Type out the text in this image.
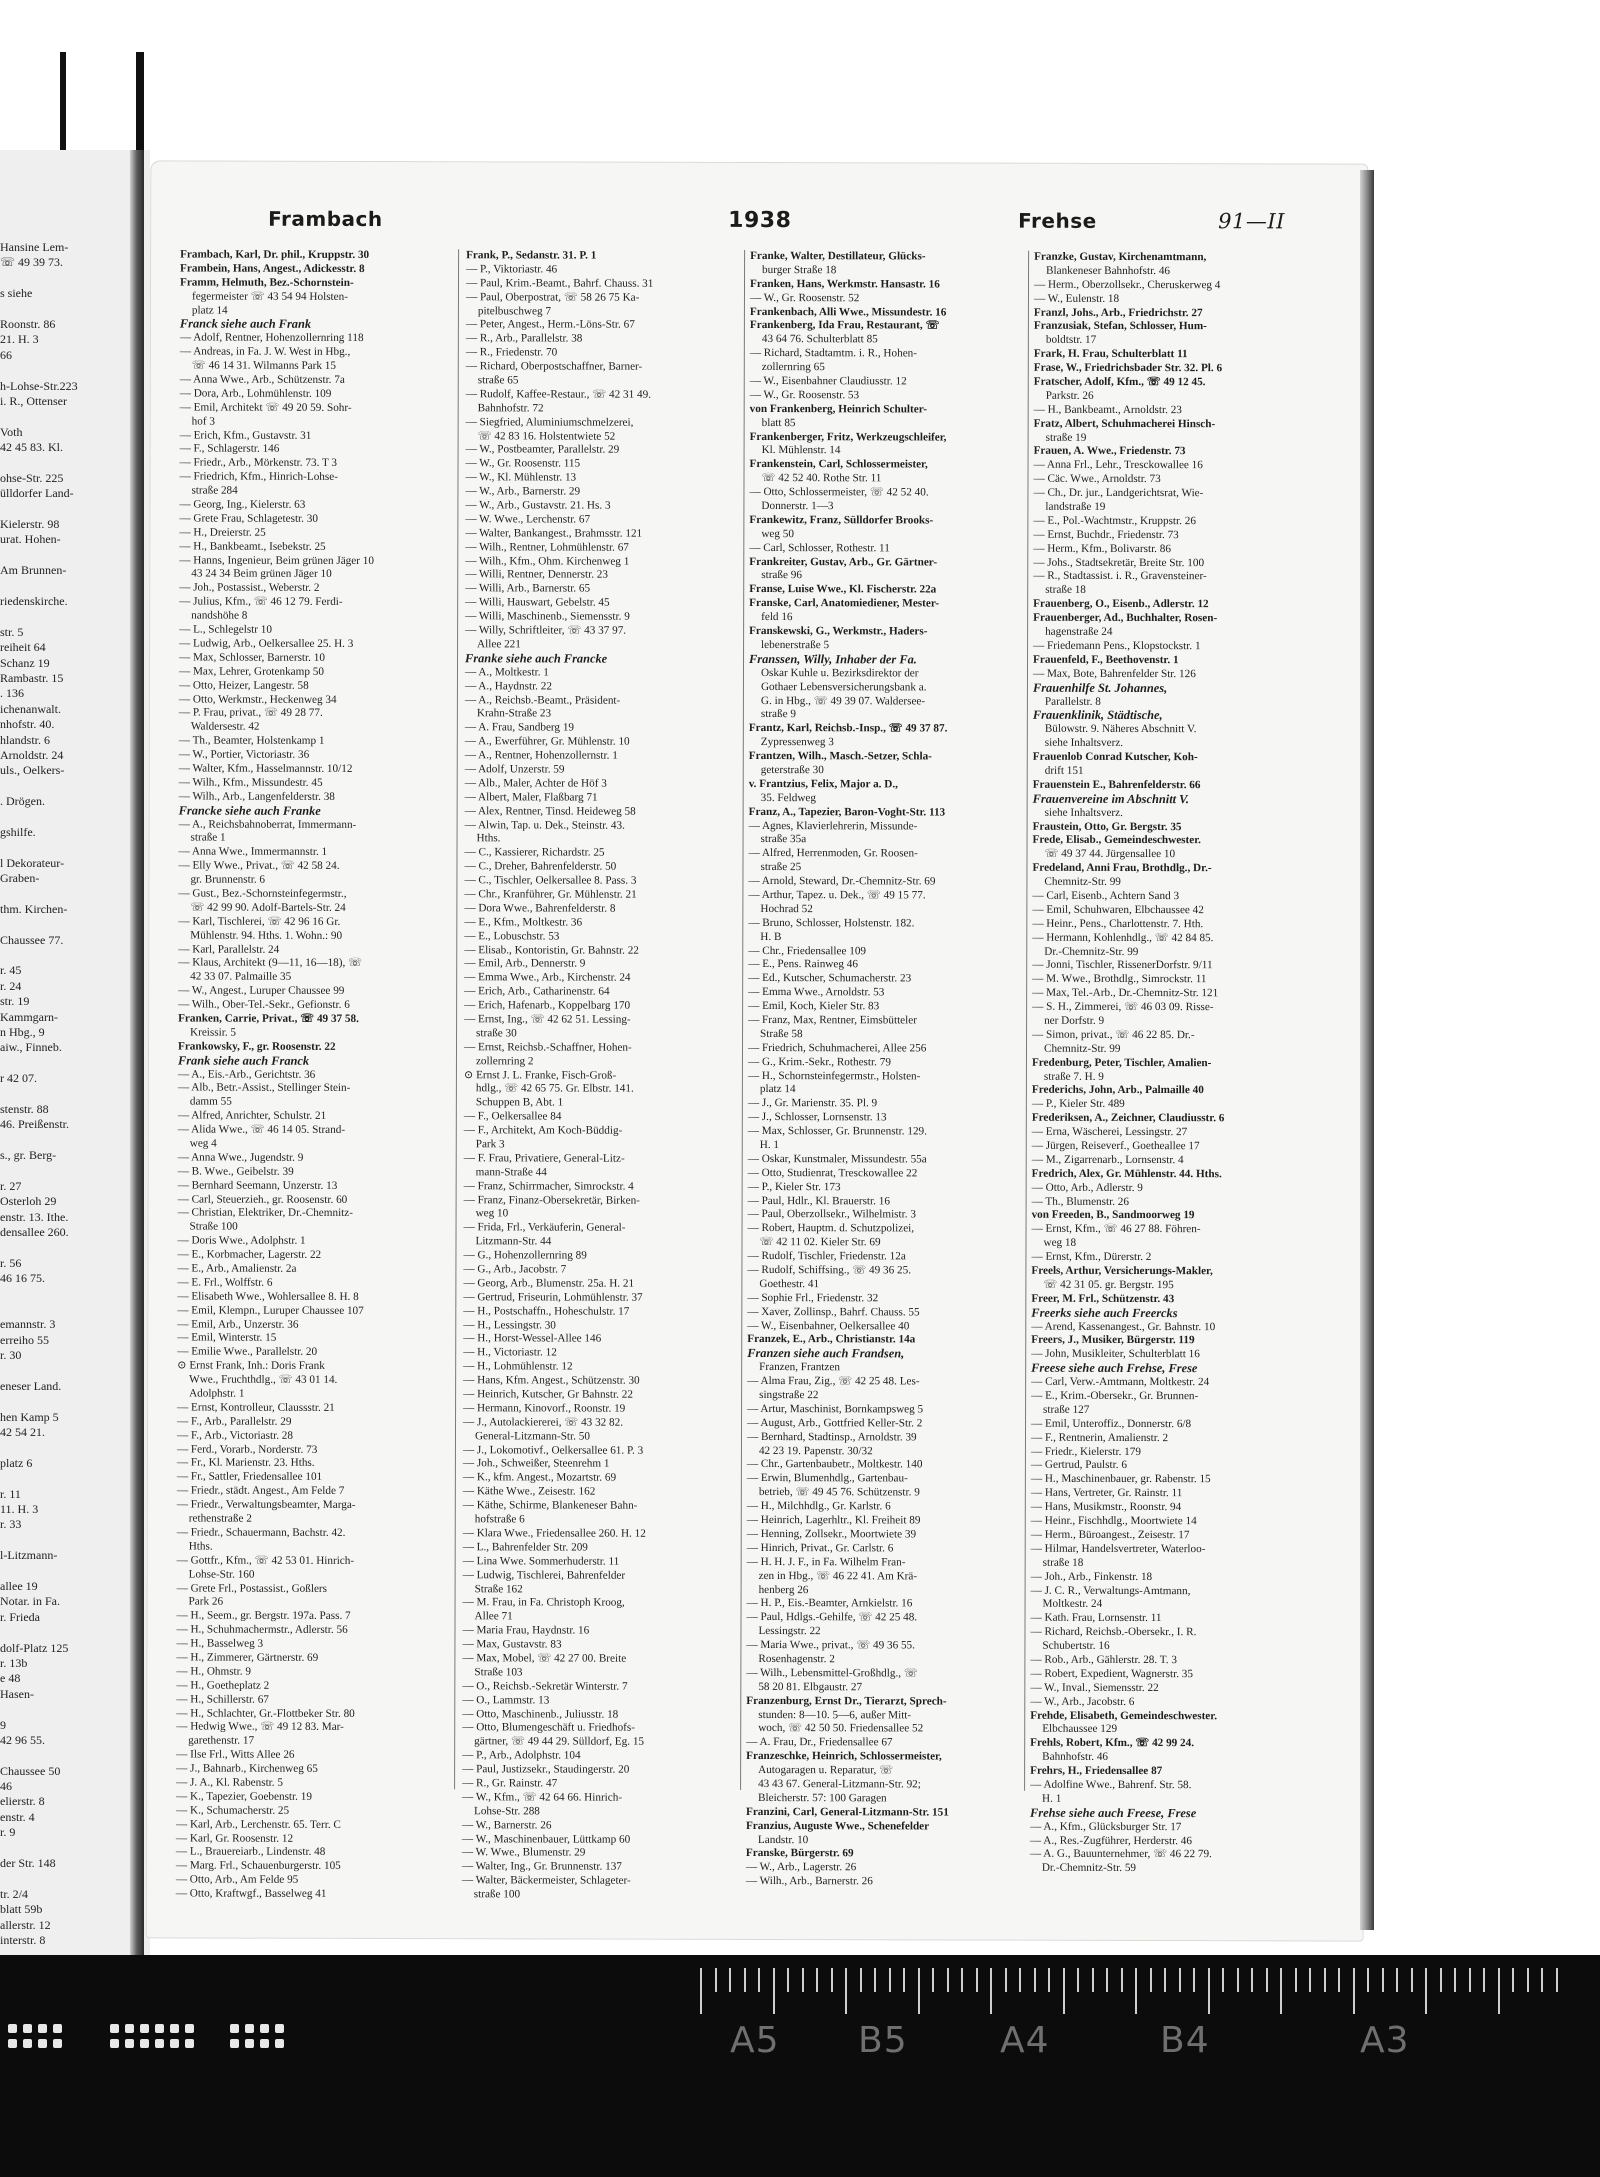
Hansine Lem-
☏ 49 39 73.

s siehe

Roonstr. 86
21. H. 3
66

h-Lohse-Str.223
i. R., Ottenser

Voth
42 45 83. Kl.

ohse-Str. 225
ülldorfer Land-

Kielerstr. 98
urat. Hohen-

Am Brunnen-

riedenskirche.

str. 5
reiheit 64
Schanz 19
Rambastr. 15
. 136
ichenanwalt.
nhofstr. 40.
hlandstr. 6
Arnoldstr. 24
uls., Oelkers-

. Drögen.

gshilfe.

l Dekorateur-
Graben-

thm. Kirchen-

Chaussee 77.

r. 45
r. 24
str. 19
Kammgarn-
n Hbg., 9
aiw., Finneb.

r 42 07.

stenstr. 88
46. Preißenstr.

s., gr. Berg-

r. 27
Osterloh 29
enstr. 13. Ithe.
densallee 260.

r. 56
46 16 75.

emannstr. 3
erreiho 55
r. 30

eneser Land.

hen Kamp 5
42 54 21.

platz 6

r. 11
11. H. 3
r. 33

l-Litzmann-

allee 19
Notar. in Fa.
r. Frieda

dolf-Platz 125
r. 13b
e 48
Hasen-

9
42 96 55.

Chaussee 50
46
elierstr. 8
enstr. 4
r. 9

der Str. 148

tr. 2/4
blatt 59b
allerstr. 12
interstr. 8

Frambach	1938	Frehse	91—II
Frambach, Karl, Dr. phil., Kruppstr. 30
Frambein, Hans, Angest., Adickesstr. 8
Framm, Helmuth, Bez.-Schornstein-
fegermeister ☏ 43 54 94 Holsten-
platz 14
Franck siehe auch Frank
— Adolf, Rentner, Hohenzollernring 118
— Andreas, in Fa. J. W. West in Hbg.,
☏ 46 14 31. Wilmanns Park 15
— Anna Wwe., Arb., Schützenstr. 7a
— Dora, Arb., Lohmühlenstr. 109
— Emil, Architekt ☏ 49 20 59. Sohr-
hof 3
— Erich, Kfm., Gustavstr. 31
— F., Schlagerstr. 146
— Friedr., Arb., Mörkenstr. 73. T 3
— Friedrich, Kfm., Hinrich-Lohse-
straße 284
— Georg, Ing., Kielerstr. 63
— Grete Frau, Schlagetestr. 30
— H., Dreierstr. 25
— H., Bankbeamt., Isebekstr. 25
— Hanns, Ingenieur, Beim grünen Jäger 10
43 24 34 Beim grünen Jäger 10
— Joh., Postassist., Weberstr. 2
— Julius, Kfm., ☏ 46 12 79. Ferdi-
nandshöhe 8
— L., Schlegelstr 10
— Ludwig, Arb., Oelkersallee 25. H. 3
— Max, Schlosser, Barnerstr. 10
— Max, Lehrer, Grotenkamp 50
— Otto, Heizer, Langestr. 58
— Otto, Werkmstr., Heckenweg 34
— P. Frau, privat., ☏ 49 28 77.
Waldersestr. 42
— Th., Beamter, Holstenkamp 1
— W., Portier, Victoriastr. 36
— Walter, Kfm., Hasselmannstr. 10/12
— Wilh., Kfm., Missundestr. 45
— Wilh., Arb., Langenfelderstr. 38
Francke siehe auch Franke
— A., Reichsbahnoberrat, Immermann-
straße 1
— Anna Wwe., Immermannstr. 1
— Elly Wwe., Privat., ☏ 42 58 24.
gr. Brunnenstr. 6
— Gust., Bez.-Schornsteinfegermstr.,
☏ 42 99 90. Adolf-Bartels-Str. 24
— Karl, Tischlerei, ☏ 42 96 16 Gr.
Mühlenstr. 94. Hths. 1. Wohn.: 90
— Karl, Parallelstr. 24
— Klaus, Architekt (9—11, 16—18), ☏
42 33 07. Palmaille 35
— W., Angest., Luruper Chaussee 99
— Wilh., Ober-Tel.-Sekr., Gefionstr. 6
Franken, Carrie, Privat., ☏ 49 37 58.
Kreissir. 5
Frankowsky, F., gr. Roosenstr. 22
Frank siehe auch Franck
— A., Eis.-Arb., Gerichtstr. 36
— Alb., Betr.-Assist., Stellinger Stein-
damm 55
— Alfred, Anrichter, Schulstr. 21
— Alida Wwe., ☏ 46 14 05. Strand-
weg 4
— Anna Wwe., Jugendstr. 9
— B. Wwe., Geibelstr. 39
— Bernhard Seemann, Unzerstr. 13
— Carl, Steuerzieh., gr. Roosenstr. 60
— Christian, Elektriker, Dr.-Chemnitz-
Straße 100
— Doris Wwe., Adolphstr. 1
— E., Korbmacher, Lagerstr. 22
— E., Arb., Amalienstr. 2a
— E. Frl., Wolffstr. 6
— Elisabeth Wwe., Wohlersallee 8. H. 8
— Emil, Klempn., Luruper Chaussee 107
— Emil, Arb., Unzerstr. 36
— Emil, Winterstr. 15
— Emilie Wwe., Parallelstr. 20
⊙ Ernst Frank, Inh.: Doris Frank
Wwe., Fruchthdlg., ☏ 43 01 14.
Adolphstr. 1
— Ernst, Kontrolleur, Claussstr. 21
— F., Arb., Parallelstr. 29
— F., Arb., Victoriastr. 28
— Ferd., Vorarb., Norderstr. 73
— Fr., Kl. Marienstr. 23. Hths.
— Fr., Sattler, Friedensallee 101
— Friedr., städt. Angest., Am Felde 7
— Friedr., Verwaltungsbeamter, Marga-
rethenstraße 2
— Friedr., Schauermann, Bachstr. 42.
Hths.
— Gottfr., Kfm., ☏ 42 53 01. Hinrich-
Lohse-Str. 160
— Grete Frl., Postassist., Goßlers
Park 26
— H., Seem., gr. Bergstr. 197a. Pass. 7
— H., Schuhmachermstr., Adlerstr. 56
— H., Basselweg 3
— H., Zimmerer, Gärtnerstr. 69
— H., Ohmstr. 9
— H., Goetheplatz 2
— H., Schillerstr. 67
— H., Schlachter, Gr.-Flottbeker Str. 80
— Hedwig Wwe., ☏ 49 12 83. Mar-
garethenstr. 17
— Ilse Frl., Witts Allee 26
— J., Bahnarb., Kirchenweg 65
— J. A., Kl. Rabenstr. 5
— K., Tapezier, Goebenstr. 19
— K., Schumacherstr. 25
— Karl, Arb., Lerchenstr. 65. Terr. C
— Karl, Gr. Roosenstr. 12
— L., Brauereiarb., Lindenstr. 48
— Marg. Frl., Schauenburgerstr. 105
— Otto, Arb., Am Felde 95
— Otto, Kraftwgf., Basselweg 41
Frank, P., Sedanstr. 31. P. 1
— P., Viktoriastr. 46
— Paul, Krim.-Beamt., Bahrf. Chauss. 31
— Paul, Oberpostrat, ☏ 58 26 75 Ka-
pitelbuschweg 7
— Peter, Angest., Herm.-Löns-Str. 67
— R., Arb., Parallelstr. 38
— R., Friedenstr. 70
— Richard, Oberpostschaffner, Barner-
straße 65
— Rudolf, Kaffee-Restaur., ☏ 42 31 49.
Bahnhofstr. 72
— Siegfried, Aluminiumschmelzerei,
☏ 42 83 16. Holstentwiete 52
— W., Postbeamter, Parallelstr. 29
— W., Gr. Roosenstr. 115
— W., Kl. Mühlenstr. 13
— W., Arb., Barnerstr. 29
— W., Arb., Gustavstr. 21. Hs. 3
— W. Wwe., Lerchenstr. 67
— Walter, Bankangest., Brahmsstr. 121
— Wilh., Rentner, Lohmühlenstr. 67
— Wilh., Kfm., Ohm. Kirchenweg 1
— Willi, Rentner, Dennerstr. 23
— Willi, Arb., Barnerstr. 65
— Willi, Hauswart, Gebelstr. 45
— Willi, Maschinenb., Siemensstr. 9
— Willy, Schriftleiter, ☏ 43 37 97.
Allee 221
Franke siehe auch Francke
— A., Moltkestr. 1
— A., Haydnstr. 22
— A., Reichsb.-Beamt., Präsident-
Krahn-Straße 23
— A. Frau, Sandberg 19
— A., Ewerführer, Gr. Mühlenstr. 10
— A., Rentner, Hohenzollernstr. 1
— Adolf, Unzerstr. 59
— Alb., Maler, Achter de Höf 3
— Albert, Maler, Flaßbarg 71
— Alex, Rentner, Tinsd. Heideweg 58
— Alwin, Tap. u. Dek., Steinstr. 43.
Hths.
— C., Kassierer, Richardstr. 25
— C., Dreher, Bahrenfelderstr. 50
— C., Tischler, Oelkersallee 8. Pass. 3
— Chr., Kranführer, Gr. Mühlenstr. 21
— Dora Wwe., Bahrenfelderstr. 8
— E., Kfm., Moltkestr. 36
— E., Lobuschstr. 53
— Elisab., Kontoristin, Gr. Bahnstr. 22
— Emil, Arb., Dennerstr. 9
— Emma Wwe., Arb., Kirchenstr. 24
— Erich, Arb., Catharinenstr. 64
— Erich, Hafenarb., Koppelbarg 170
— Ernst, Ing., ☏ 42 62 51. Lessing-
straße 30
— Ernst, Reichsb.-Schaffner, Hohen-
zollernring 2
⊙ Ernst J. L. Franke, Fisch-Groß-
hdlg., ☏ 42 65 75. Gr. Elbstr. 141.
Schuppen B, Abt. 1
— F., Oelkersallee 84
— F., Architekt, Am Koch-Büddig-
Park 3
— F. Frau, Privatiere, General-Litz-
mann-Straße 44
— Franz, Schirrmacher, Simrockstr. 4
— Franz, Finanz-Obersekretär, Birken-
weg 10
— Frida, Frl., Verkäuferin, General-
Litzmann-Str. 44
— G., Hohenzollernring 89
— G., Arb., Jacobstr. 7
— Georg, Arb., Blumenstr. 25a. H. 21
— Gertrud, Friseurin, Lohmühlenstr. 37
— H., Postschaffn., Hoheschulstr. 17
— H., Lessingstr. 30
— H., Horst-Wessel-Allee 146
— H., Victoriastr. 12
— H., Lohmühlenstr. 12
— Hans, Kfm. Angest., Schützenstr. 30
— Heinrich, Kutscher, Gr Bahnstr. 22
— Hermann, Kinovorf., Roonstr. 19
— J., Autolackiererei, ☏ 43 32 82.
General-Litzmann-Str. 50
— J., Lokomotivf., Oelkersallee 61. P. 3
— Joh., Schweißer, Steenrehm 1
— K., kfm. Angest., Mozartstr. 69
— Käthe Wwe., Zeisestr. 162
— Käthe, Schirme, Blankeneser Bahn-
hofstraße 6
— Klara Wwe., Friedensallee 260. H. 12
— L., Bahrenfelder Str. 209
— Lina Wwe. Sommerhuderstr. 11
— Ludwig, Tischlerei, Bahrenfelder
Straße 162
— M. Frau, in Fa. Christoph Kroog,
Allee 71
— Maria Frau, Haydnstr. 16
— Max, Gustavstr. 83
— Max, Mobel, ☏ 42 27 00. Breite
Straße 103
— O., Reichsb.-Sekretär Winterstr. 7
— O., Lammstr. 13
— Otto, Maschinenb., Juliusstr. 18
— Otto, Blumengeschäft u. Friedhofs-
gärtner, ☏ 49 44 29. Sülldorf, Eg. 15
— P., Arb., Adolphstr. 104
— Paul, Justizsekr., Staudingerstr. 20
— R., Gr. Rainstr. 47
— W., Kfm., ☏ 42 64 66. Hinrich-
Lohse-Str. 288
— W., Barnerstr. 26
— W., Maschinenbauer, Lüttkamp 60
— W. Wwe., Blumenstr. 29
— Walter, Ing., Gr. Brunnenstr. 137
— Walter, Bäckermeister, Schlageter-
straße 100
Franke, Walter, Destillateur, Glücks-
burger Straße 18
Franken, Hans, Werkmstr. Hansastr. 16
— W., Gr. Roosenstr. 52
Frankenbach, Alli Wwe., Missundestr. 16
Frankenberg, Ida Frau, Restaurant, ☏
43 64 76. Schulterblatt 85
— Richard, Stadtamtm. i. R., Hohen-
zollernring 65
— W., Eisenbahner Claudiusstr. 12
— W., Gr. Roosenstr. 53
von Frankenberg, Heinrich Schulter-
blatt 85
Frankenberger, Fritz, Werkzeugschleifer,
Kl. Mühlenstr. 14
Frankenstein, Carl, Schlossermeister,
☏ 42 52 40. Rothe Str. 11
— Otto, Schlossermeister, ☏ 42 52 40.
Donnerstr. 1—3
Frankewitz, Franz, Sülldorfer Brooks-
weg 50
— Carl, Schlosser, Rothestr. 11
Frankreiter, Gustav, Arb., Gr. Gärtner-
straße 96
Franse, Luise Wwe., Kl. Fischerstr. 22a
Franske, Carl, Anatomiediener, Mester-
feld 16
Franskewski, G., Werkmstr., Haders-
lebenerstraße 5
Franssen, Willy, Inhaber der Fa.
Oskar Kuhle u. Bezirksdirektor der
Gothaer Lebensversicherungsbank a.
G. in Hbg., ☏ 49 39 07. Waldersee-
straße 9
Frantz, Karl, Reichsb.-Insp., ☏ 49 37 87.
Zypressenweg 3
Frantzen, Wilh., Masch.-Setzer, Schla-
geterstraße 30
v. Frantzius, Felix, Major a. D.,
35. Feldweg
Franz, A., Tapezier, Baron-Voght-Str. 113
— Agnes, Klavierlehrerin, Missunde-
straße 35a
— Alfred, Herrenmoden, Gr. Roosen-
straße 25
— Arnold, Steward, Dr.-Chemnitz-Str. 69
— Arthur, Tapez. u. Dek., ☏ 49 15 77.
Hochrad 52
— Bruno, Schlosser, Holstenstr. 182.
H. B
— Chr., Friedensallee 109
— E., Pens. Rainweg 46
— Ed., Kutscher, Schumacherstr. 23
— Emma Wwe., Arnoldstr. 53
— Emil, Koch, Kieler Str. 83
— Franz, Max, Rentner, Eimsbütteler
Straße 58
— Friedrich, Schuhmacherei, Allee 256
— G., Krim.-Sekr., Rothestr. 79
— H., Schornsteinfegermstr., Holsten-
platz 14
— J., Gr. Marienstr. 35. Pl. 9
— J., Schlosser, Lornsenstr. 13
— Max, Schlosser, Gr. Brunnenstr. 129.
H. 1
— Oskar, Kunstmaler, Missundestr. 55a
— Otto, Studienrat, Tresckowallee 22
— P., Kieler Str. 173
— Paul, Hdlr., Kl. Brauerstr. 16
— Paul, Oberzollsekr., Wilhelmistr. 3
— Robert, Hauptm. d. Schutzpolizei,
☏ 42 11 02. Kieler Str. 69
— Rudolf, Tischler, Friedenstr. 12a
— Rudolf, Schiffsing., ☏ 49 36 25.
Goethestr. 41
— Sophie Frl., Friedenstr. 32
— Xaver, Zollinsp., Bahrf. Chauss. 55
— W., Eisenbahner, Oelkersallee 40
Franzek, E., Arb., Christianstr. 14a
Franzen siehe auch Frandsen,
Franzen, Frantzen
— Alma Frau, Zig., ☏ 42 25 48. Les-
singstraße 22
— Artur, Maschinist, Bornkampsweg 5
— August, Arb., Gottfried Keller-Str. 2
— Bernhard, Stadtinsp., Arnoldstr. 39
42 23 19. Papenstr. 30/32
— Chr., Gartenbaubetr., Moltkestr. 140
— Erwin, Blumenhdlg., Gartenbau-
betrieb, ☏ 49 45 76. Schützenstr. 9
— H., Milchhdlg., Gr. Karlstr. 6
— Heinrich, Lagerhltr., Kl. Freiheit 89
— Henning, Zollsekr., Moortwiete 39
— Hinrich, Privat., Gr. Carlstr. 6
— H. H. J. F., in Fa. Wilhelm Fran-
zen in Hbg., ☏ 46 22 41. Am Krä-
henberg 26
— H. P., Eis.-Beamter, Arnkielstr. 16
— Paul, Hdlgs.-Gehilfe, ☏ 42 25 48.
Lessingstr. 22
— Maria Wwe., privat., ☏ 49 36 55.
Rosenhagenstr. 2
— Wilh., Lebensmittel-Großhdlg., ☏
58 20 81. Elbgaustr. 27
Franzenburg, Ernst Dr., Tierarzt, Sprech-
stunden: 8—10. 5—6, außer Mitt-
woch, ☏ 42 50 50. Friedensallee 52
— A. Frau, Dr., Friedensallee 67
Franzeschke, Heinrich, Schlossermeister,
Autogaragen u. Reparatur, ☏
43 43 67. General-Litzmann-Str. 92;
Bleicherstr. 57: 100 Garagen
Franzini, Carl, General-Litzmann-Str. 151
Franzius, Auguste Wwe., Schenefelder
Landstr. 10
Franske, Bürgerstr. 69
— W., Arb., Lagerstr. 26
— Wilh., Arb., Barnerstr. 26
Franzke, Gustav, Kirchenamtmann,
Blankeneser Bahnhofstr. 46
— Herm., Oberzollsekr., Cheruskerweg 4
— W., Eulenstr. 18
Franzl, Johs., Arb., Friedrichstr. 27
Franzusiak, Stefan, Schlosser, Hum-
boldtstr. 17
Frark, H. Frau, Schulterblatt 11
Frase, W., Friedrichsbader Str. 32. Pl. 6
Fratscher, Adolf, Kfm., ☏ 49 12 45.
Parkstr. 26
— H., Bankbeamt., Arnoldstr. 23
Fratz, Albert, Schuhmacherei Hinsch-
straße 19
Frauen, A. Wwe., Friedenstr. 73
— Anna Frl., Lehr., Tresckowallee 16
— Cäc. Wwe., Arnoldstr. 73
— Ch., Dr. jur., Landgerichtsrat, Wie-
landstraße 19
— E., Pol.-Wachtmstr., Kruppstr. 26
— Ernst, Buchdr., Friedenstr. 73
— Herm., Kfm., Bolivarstr. 86
— Johs., Stadtsekretär, Breite Str. 100
— R., Stadtassist. i. R., Gravensteiner-
straße 18
Frauenberg, O., Eisenb., Adlerstr. 12
Frauenberger, Ad., Buchhalter, Rosen-
hagenstraße 24
— Friedemann Pens., Klopstockstr. 1
Frauenfeld, F., Beethovenstr. 1
— Max, Bote, Bahrenfelder Str. 126
Frauenhilfe St. Johannes,
Parallelstr. 8
Frauenklinik, Städtische,
Bülowstr. 9. Näheres Abschnitt V.
siehe Inhaltsverz.
Frauenlob Conrad Kutscher, Koh-
drift 151
Frauenstein E., Bahrenfelderstr. 66
Frauenvereine im Abschnitt V.
siehe Inhaltsverz.
Fraustein, Otto, Gr. Bergstr. 35
Frede, Elisab., Gemeindeschwester.
☏ 49 37 44. Jürgensallee 10
Fredeland, Anni Frau, Brothdlg., Dr.-
Chemnitz-Str. 99
— Carl, Eisenb., Achtern Sand 3
— Emil, Schuhwaren, Elbchaussee 42
— Heinr., Pens., Charlottenstr. 7. Hth.
— Hermann, Kohlenhdlg., ☏ 42 84 85.
Dr.-Chemnitz-Str. 99
— Jonni, Tischler, RissenerDorfstr. 9/11
— M. Wwe., Brothdlg., Simrockstr. 11
— Max, Tel.-Arb., Dr.-Chemnitz-Str. 121
— S. H., Zimmerei, ☏ 46 03 09. Risse-
ner Dorfstr. 9
— Simon, privat., ☏ 46 22 85. Dr.-
Chemnitz-Str. 99
Fredenburg, Peter, Tischler, Amalien-
straße 7. H. 9
Frederichs, John, Arb., Palmaille 40
— P., Kieler Str. 489
Frederiksen, A., Zeichner, Claudiusstr. 6
— Erna, Wäscherei, Lessingstr. 27
— Jürgen, Reiseverf., Goetheallee 17
— M., Zigarrenarb., Lornsenstr. 4
Fredrich, Alex, Gr. Mühlenstr. 44. Hths.
— Otto, Arb., Adlerstr. 9
— Th., Blumenstr. 26
von Freeden, B., Sandmoorweg 19
— Ernst, Kfm., ☏ 46 27 88. Föhren-
weg 18
— Ernst, Kfm., Dürerstr. 2
Freels, Arthur, Versicherungs-Makler,
☏ 42 31 05. gr. Bergstr. 195
Freer, M. Frl., Schützenstr. 43
Freerks siehe auch Freercks
— Arend, Kassenangest., Gr. Bahnstr. 10
Freers, J., Musiker, Bürgerstr. 119
— John, Musikleiter, Schulterblatt 16
Freese siehe auch Frehse, Frese
— Carl, Verw.-Amtmann, Moltkestr. 24
— E., Krim.-Obersekr., Gr. Brunnen-
straße 127
— Emil, Unteroffiz., Donnerstr. 6/8
— F., Rentnerin, Amalienstr. 2
— Friedr., Kielerstr. 179
— Gertrud, Paulstr. 6
— H., Maschinenbauer, gr. Rabenstr. 15
— Hans, Vertreter, Gr. Rainstr. 11
— Hans, Musikmstr., Roonstr. 94
— Heinr., Fischhdlg., Moortwiete 14
— Herm., Büroangest., Zeisestr. 17
— Hilmar, Handelsvertreter, Waterloo-
straße 18
— Joh., Arb., Finkenstr. 18
— J. C. R., Verwaltungs-Amtmann,
Moltkestr. 24
— Kath. Frau, Lornsenstr. 11
— Richard, Reichsb.-Obersekr., I. R.
Schubertstr. 16
— Rob., Arb., Gählerstr. 28. T. 3
— Robert, Expedient, Wagnerstr. 35
— W., Inval., Siemensstr. 22
— W., Arb., Jacobstr. 6
Frehde, Elisabeth, Gemeindeschwester.
Elbchaussee 129
Frehls, Robert, Kfm., ☏ 42 99 24.
Bahnhofstr. 46
Frehrs, H., Friedensallee 87
— Adolfine Wwe., Bahrenf. Str. 58.
H. 1
Frehse siehe auch Freese, Frese
— A., Kfm., Glücksburger Str. 17
— A., Res.-Zugführer, Herderstr. 46
— A. G., Bauunternehmer, ☏ 46 22 79.
Dr.-Chemnitz-Str. 59
A5 B5	A4	B4	A3
